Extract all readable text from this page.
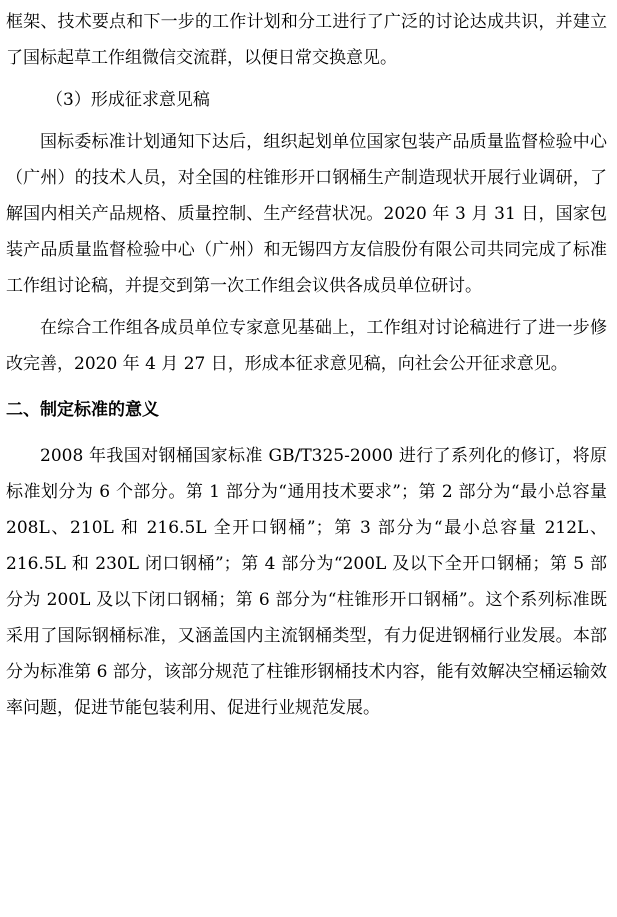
框架、技术要点和下一步的工作计划和分工进行了广泛的讨论达成共识，并建立了国标起草工作组微信交流群，以便日常交换意见。

（3）形成征求意见稿

国标委标准计划通知下达后，组织起划单位国家包装产品质量监督检验中心（广州）的技术人员，对全国的柱锥形开口钢桶生产制造现状开展行业调研，了解国内相关产品规格、质量控制、生产经营状况。2020 年 3 月 31 日，国家包装产品质量监督检验中心（广州）和无锡四方友信股份有限公司共同完成了标准工作组讨论稿，并提交到第一次工作组会议供各成员单位研讨。

在综合工作组各成员单位专家意见基础上，工作组对讨论稿进行了进一步修改完善，2020 年 4 月 27 日，形成本征求意见稿，向社会公开征求意见。

二、制定标准的意义

2008 年我国对钢桶国家标准 GB/T325-2000 进行了系列化的修订，将原标准划分为 6 个部分。第 1 部分为“通用技术要求”；第 2 部分为“最小总容量 208L、210L 和 216.5L 全开口钢桶”；第 3 部分为“最小总容量 212L、216.5L 和 230L 闭口钢桶”；第 4 部分为“200L 及以下全开口钢桶；第 5 部分为 200L 及以下闭口钢桶；第 6 部分为“柱锥形开口钢桶”。这个系列标准既采用了国际钢桶标准，又涵盖国内主流钢桶类型，有力促进钢桶行业发展。本部分为标准第 6 部分，该部分规范了柱锥形钢桶技术内容，能有效解决空桶运输效率问题，促进节能包装利用、促进行业规范发展。
